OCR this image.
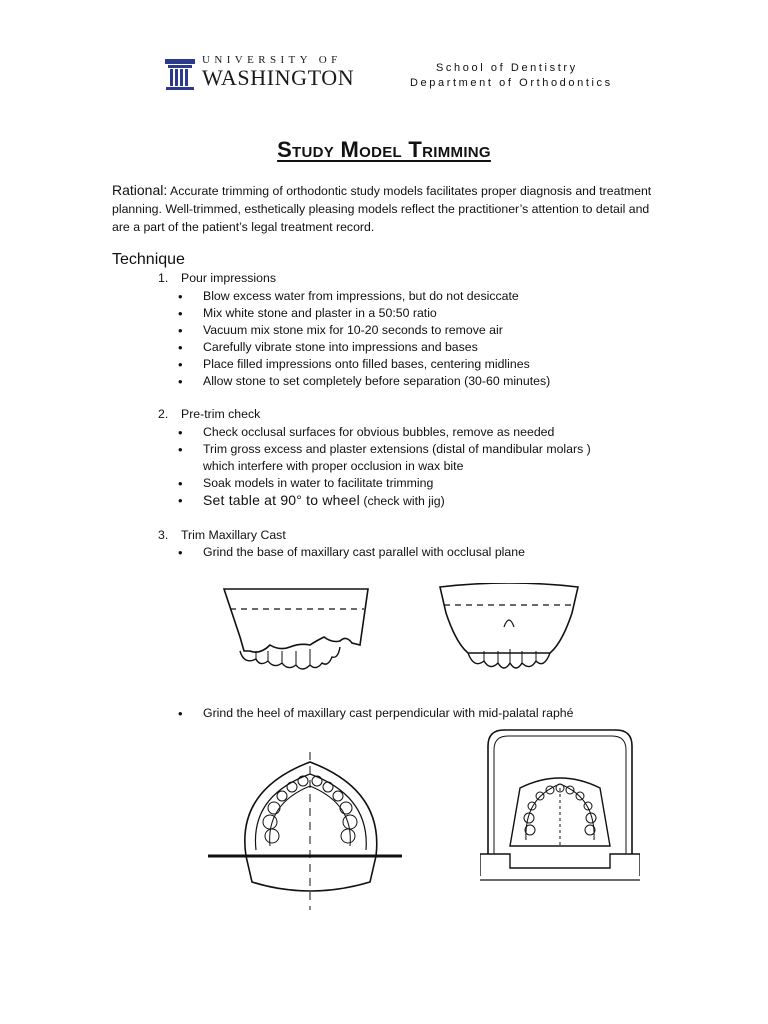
UNIVERSITY OF
WASHINGTON	School of Dentistry
Department of Orthodontics
Study Model Trimming
Rational: Accurate trimming of orthodontic study models facilitates proper diagnosis and treatment planning. Well-trimmed, esthetically pleasing models reflect the practitioner’s attention to detail and are a part of the patient’s legal treatment record.
Technique
1. Pour impressions
• Blow excess water from impressions, but do not desiccate
• Mix white stone and plaster in a 50:50 ratio
• Vacuum mix stone mix for 10-20 seconds to remove air
• Carefully vibrate stone into impressions and bases
• Place filled impressions onto filled bases, centering midlines
• Allow stone to set completely before separation (30-60 minutes)
2. Pre-trim check
• Check occlusal surfaces for obvious bubbles, remove as needed
• Trim gross excess and plaster extensions (distal of mandibular molars )
which interfere with proper occlusion in wax bite
• Soak models in water to facilitate trimming
• Set table at 90° to wheel (check with jig)
3. Trim Maxillary Cast
• Grind the base of maxillary cast parallel with occlusal plane
• Grind the heel of maxillary cast perpendicular with mid-palatal raphé
